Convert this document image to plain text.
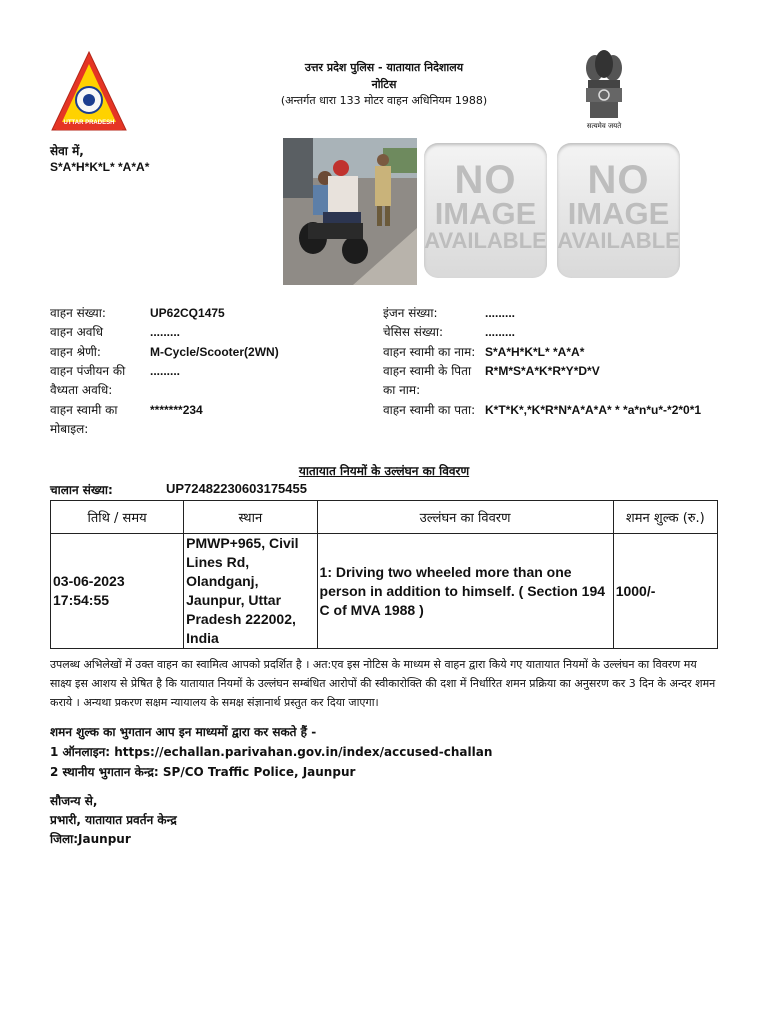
UTTAR PRADESH
उत्तर प्रदेश पुलिस - यातायात निदेशालय
नोटिस
(अन्तर्गत धारा 133 मोटर वाहन अधिनियम 1988)
सत्यमेव जयते
सेवा में,
S*A*H*K*L* *A*A*	NO
IMAGE
AVAILABLE
NO
IMAGE
AVAILABLE
वाहन संख्या:	UP62CQ1475
वाहन अवधि	.........
वाहन श्रेणी:	M-Cycle/Scooter(2WN)
वाहन पंजीयन की वैध्यता अवधि:
.........
वाहन स्वामी का मोबाइल:
*******234
इंजन संख्या:	.........
चेसिस संख्या:	.........
वाहन स्वामी का नाम: S*A*H*K*L* *A*A*
वाहन स्वामी के पिता का नाम:
R*M*S*A*K*R*Y*D*V
वाहन स्वामी का पता: K*T*K*,*K*R*N*A*A*A* * *a*n*u*-*2*0*1
यातायात नियमों के उल्लंघन का विवरण
चालान संख्या:	UP72482230603175455
तिथि / समय	स्थान	उल्लंघन का विवरण	शमन शुल्क (रु.)
03-06-2023 17:54:55	PMWP+965, Civil Lines Rd, Olandganj, Jaunpur, Uttar Pradesh 222002, India	1: Driving two wheeled more than one person in addition to himself. ( Section 194 C of MVA 1988 )	1000/-
उपलब्ध अभिलेखों में उक्त वाहन का स्वामित्व आपको प्रदर्शित है । अत:एव इस नोटिस के माध्यम से वाहन द्वारा किये गए यातायात नियमों के उल्लंघन का विवरण मय साक्ष्य इस आशय से प्रेषित है कि यातायात नियमों के उल्लंघन सम्बंधित आरोपों की स्वीकारोक्ति की दशा में निर्धारित शमन प्रक्रिया का अनुसरण कर 3 दिन के अन्दर शमन कराये । अन्यथा प्रकरण सक्षम न्यायालय के समक्ष संज्ञानार्थ प्रस्तुत कर दिया जाएगा।
शमन शुल्क का भुगतान आप इन माध्यमों द्वारा कर सकते हैं -
1 ऑनलाइन: https://echallan.parivahan.gov.in/index/accused-challan
2 स्थानीय भुगतान केन्द्र: SP/CO Traffic Police, Jaunpur
सौजन्य से,
प्रभारी, यातायात प्रवर्तन केन्द्र
जिला:Jaunpur
